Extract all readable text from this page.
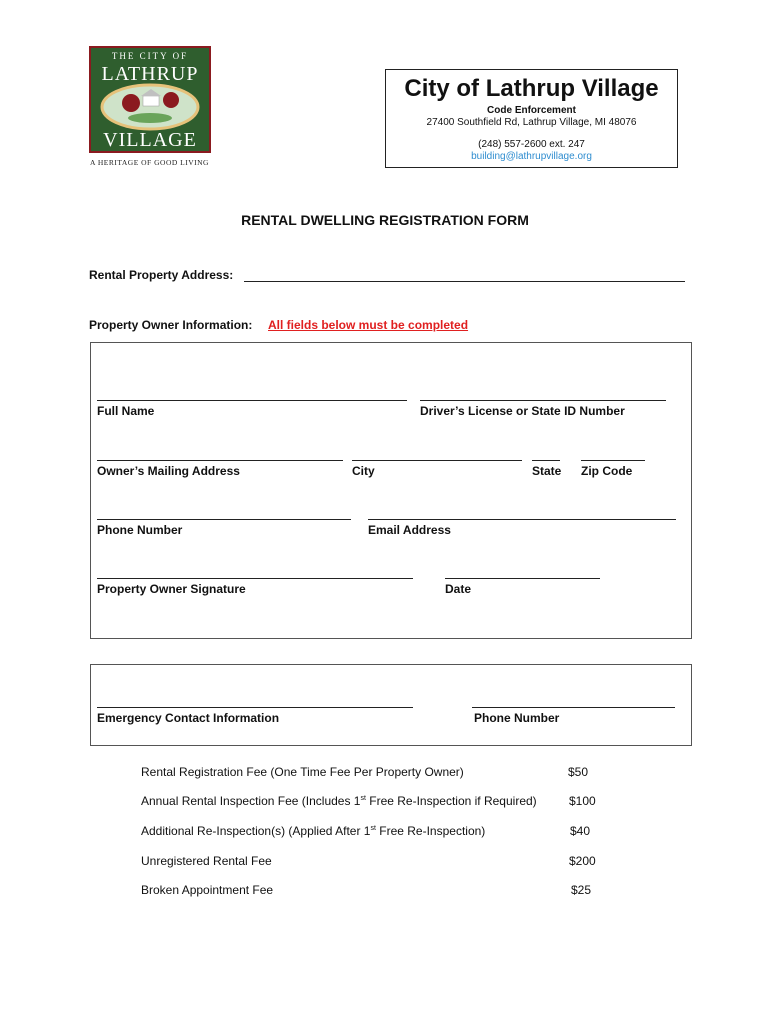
THE CITY OF
LATHRUP
VILLAGE
A HERITAGE OF GOOD LIVING
City of Lathrup Village
Code Enforcement
27400 Southfield Rd, Lathrup Village, MI 48076
(248) 557-2600 ext. 247
building@lathrupvillage.org
RENTAL DWELLING REGISTRATION FORM
Rental Property Address:
Property Owner Information: All fields below must be completed
Full Name	Driver’s License or State ID Number
Owner’s Mailing Address	City	State Zip Code
Phone Number	Email Address
Property Owner Signature	Date
Emergency Contact Information	Phone Number
Rental Registration Fee (One Time Fee Per Property Owner)	$50
Annual Rental Inspection Fee (Includes 1st Free Re-Inspection if Required)	$100
Additional Re-Inspection(s) (Applied After 1st Free Re-Inspection)	$40
Unregistered Rental Fee	$200
Broken Appointment Fee	$25
